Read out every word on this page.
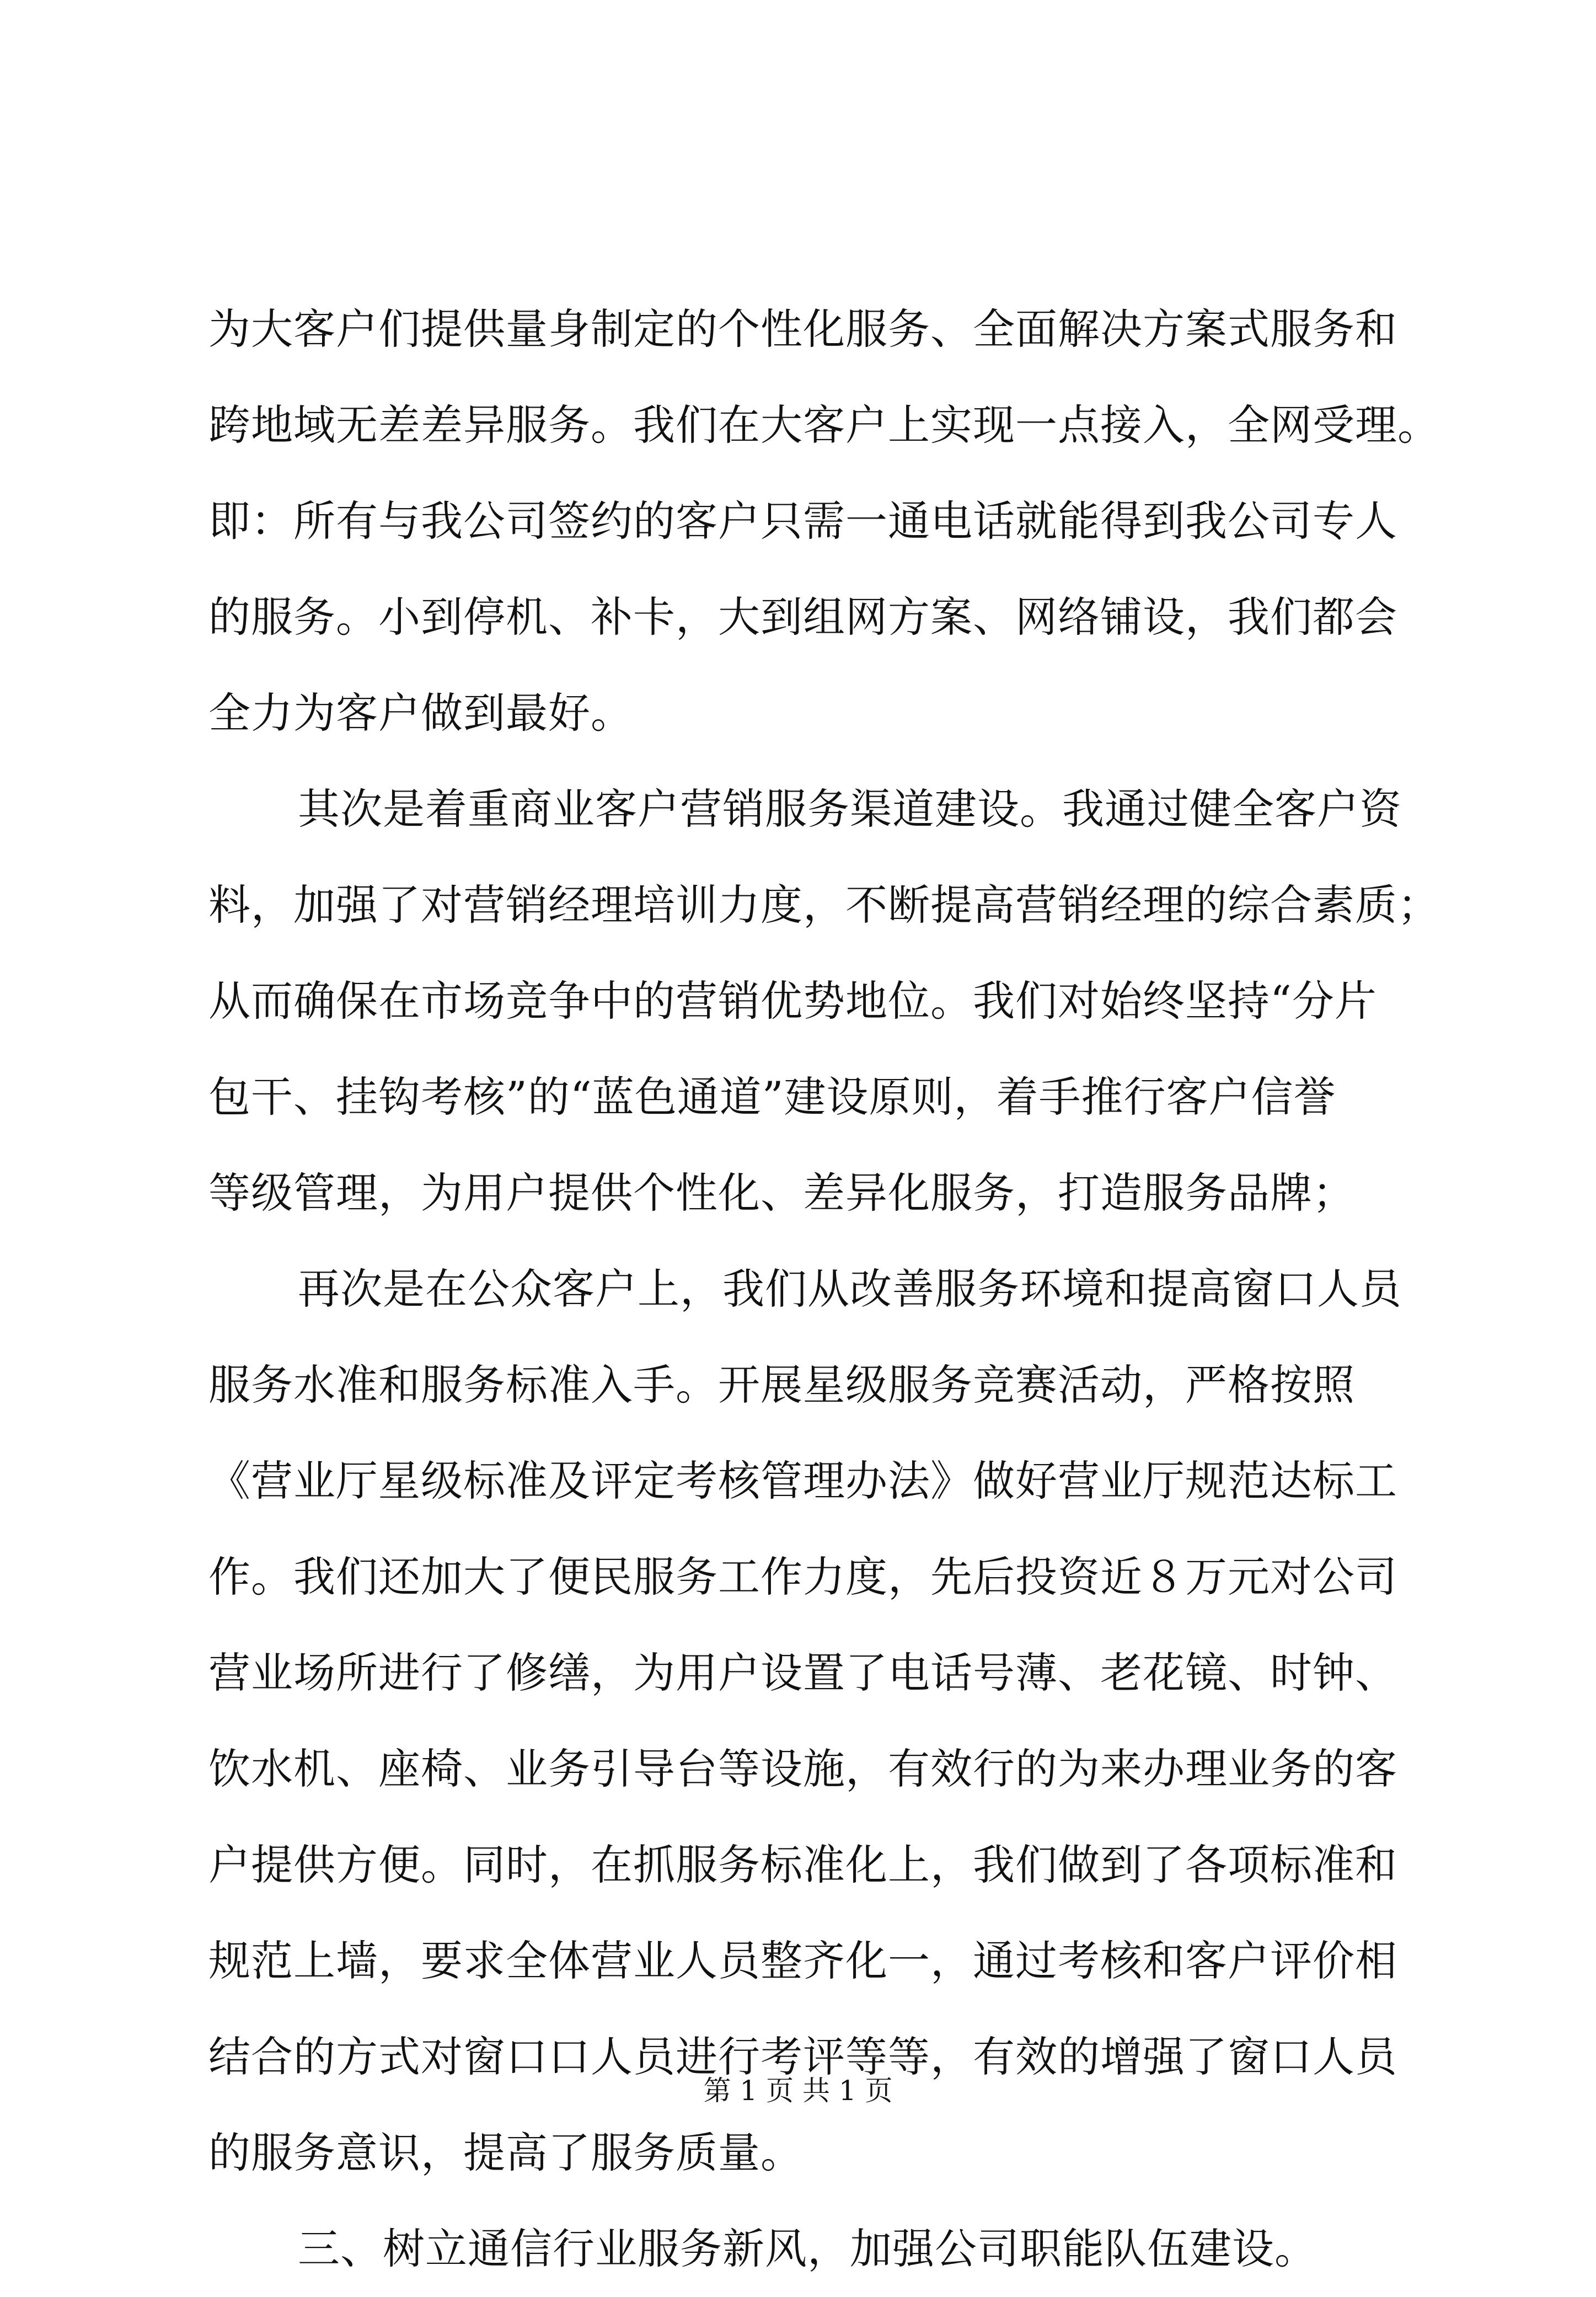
为大客户们提供量身制定的个性化服务、全面解决方案式服务和
跨地域无差差异服务。我们在大客户上实现一点接入，全网受理。
即：所有与我公司签约的客户只需一通电话就能得到我公司专人
的服务。小到停机、补卡，大到组网方案、网络铺设，我们都会
全力为客户做到最好。
其次是着重商业客户营销服务渠道建设。我通过健全客户资
料，加强了对营销经理培训力度，不断提高营销经理的综合素质；
从而确保在市场竞争中的营销优势地位。我们对始终坚持“分片
包干、挂钩考核”的“蓝色通道”建设原则，着手推行客户信誉
等级管理，为用户提供个性化、差异化服务，打造服务品牌；
再次是在公众客户上，我们从改善服务环境和提高窗口人员
服务水准和服务标准入手。开展星级服务竞赛活动，严格按照
《营业厅星级标准及评定考核管理办法》做好营业厅规范达标工
作。我们还加大了便民服务工作力度，先后投资近８万元对公司
营业场所进行了修缮，为用户设置了电话号薄、老花镜、时钟、
饮水机、座椅、业务引导台等设施，有效行的为来办理业务的客
户提供方便。同时，在抓服务标准化上，我们做到了各项标准和
规范上墙，要求全体营业人员整齐化一，通过考核和客户评价相
结合的方式对窗口口人员进行考评等等，有效的增强了窗口人员
的服务意识，提高了服务质量。
三、树立通信行业服务新风，加强公司职能队伍建设。
第 1 页 共 1 页
